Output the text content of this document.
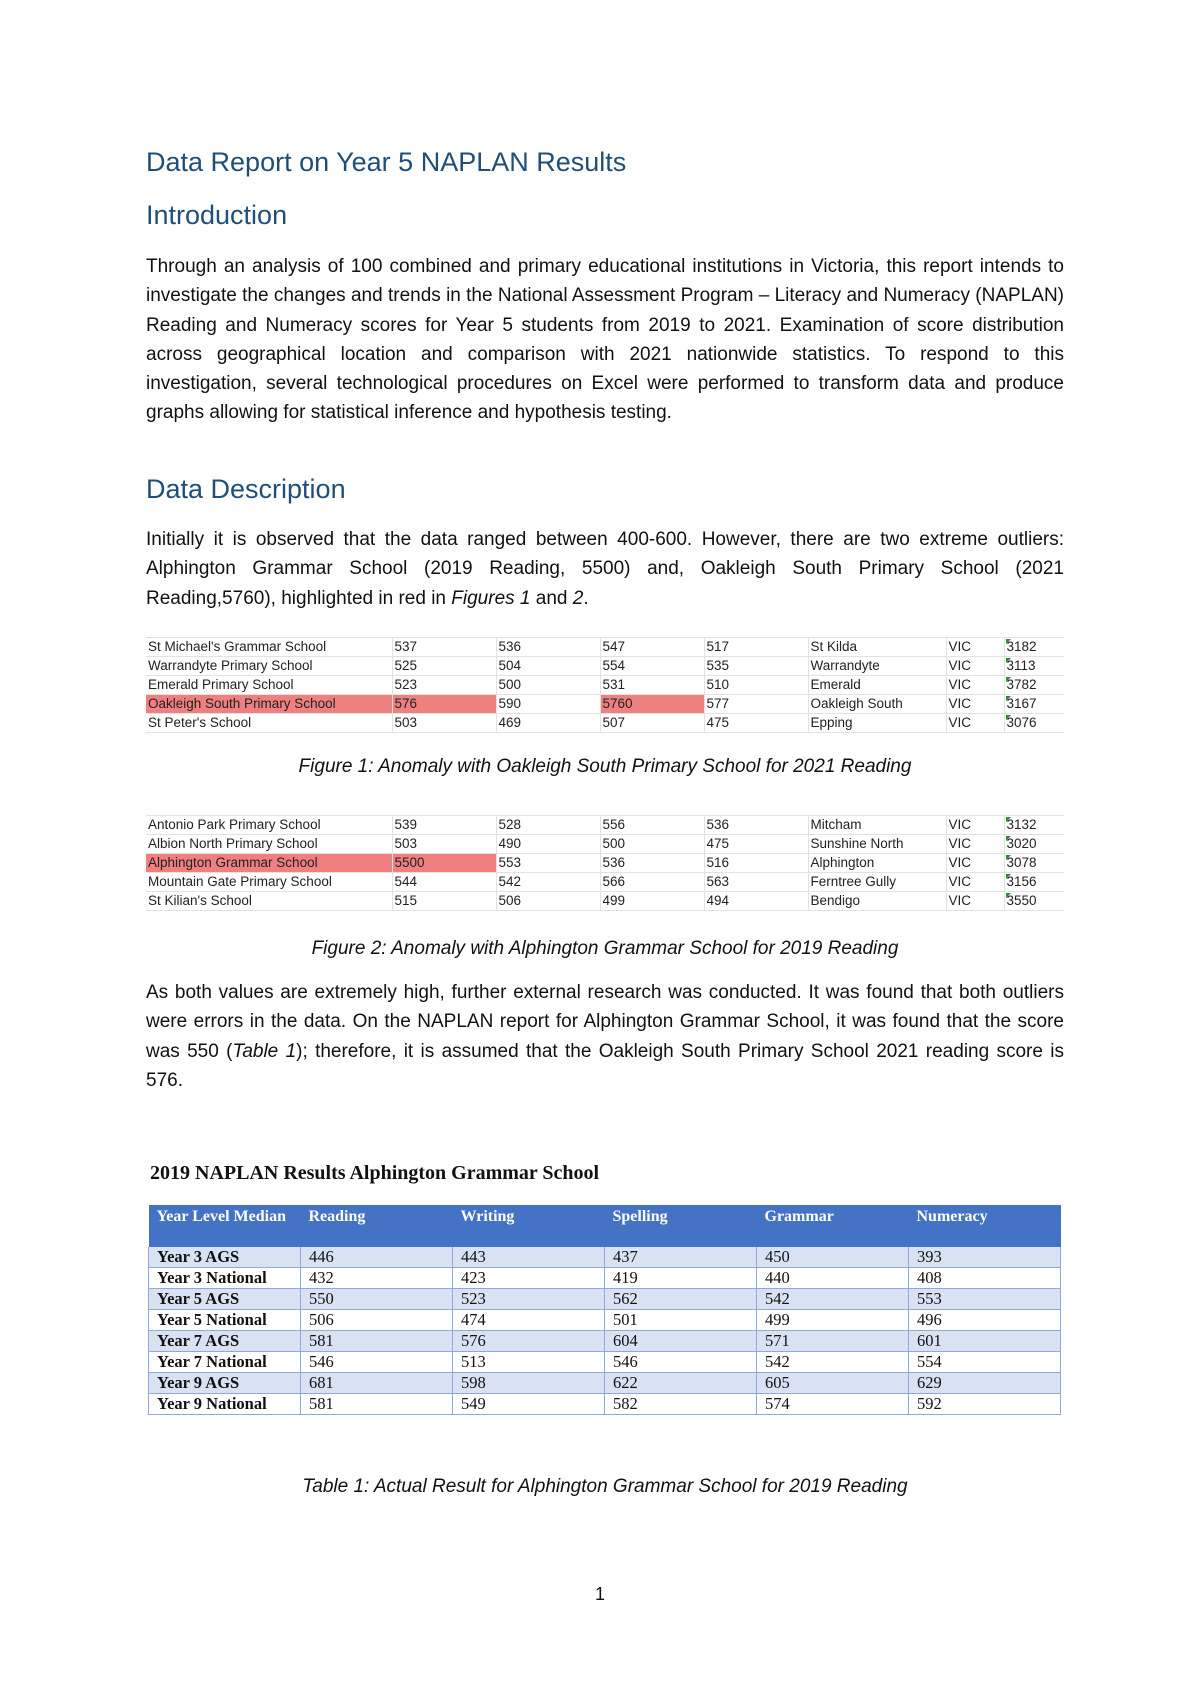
Data Report on Year 5 NAPLAN Results
Introduction

Through an analysis of 100 combined and primary educational institutions in Victoria, this report intends to investigate the changes and trends in the National Assessment Program – Literacy and Numeracy (NAPLAN) Reading and Numeracy scores for Year 5 students from 2019 to 2021. Examination of score distribution across geographical location and comparison with 2021 nationwide statistics. To respond to this investigation, several technological procedures on Excel were performed to transform data and produce graphs allowing for statistical inference and hypothesis testing.

Data Description

Initially it is observed that the data ranged between 400-600. However, there are two extreme outliers: Alphington Grammar School (2019 Reading, 5500) and, Oakleigh South Primary School (2021 Reading,5760), highlighted in red in Figures 1 and 2.

St Michael's Grammar School	537	536	547	517	St Kilda	VIC	3182
Warrandyte Primary School	525	504	554	535	Warrandyte	VIC	3113
Emerald Primary School	523	500	531	510	Emerald	VIC	3782
Oakleigh South Primary School	576	590	5760	577	Oakleigh South	VIC	3167
St Peter's School	503	469	507	475	Epping	VIC	3076

Figure 1: Anomaly with Oakleigh South Primary School for 2021 Reading

Antonio Park Primary School	539	528	556	536	Mitcham	VIC	3132
Albion North Primary School	503	490	500	475	Sunshine North	VIC	3020
Alphington Grammar School	5500	553	536	516	Alphington	VIC	3078
Mountain Gate Primary School	544	542	566	563	Ferntree Gully	VIC	3156
St Kilian's School	515	506	499	494	Bendigo	VIC	3550

Figure 2: Anomaly with Alphington Grammar School for 2019 Reading

As both values are extremely high, further external research was conducted. It was found that both outliers were errors in the data. On the NAPLAN report for Alphington Grammar School, it was found that the score was 550 (Table 1); therefore, it is assumed that the Oakleigh South Primary School 2021 reading score is 576.

2019 NAPLAN Results Alphington Grammar School

Year Level Median	Reading	Writing	Spelling	Grammar	Numeracy
Year 3 AGS	446	443	437	450	393
Year 3 National	432	423	419	440	408
Year 5 AGS	550	523	562	542	553
Year 5 National	506	474	501	499	496
Year 7 AGS	581	576	604	571	601
Year 7 National	546	513	546	542	554
Year 9 AGS	681	598	622	605	629
Year 9 National	581	549	582	574	592

Table 1: Actual Result for Alphington Grammar School for 2019 Reading

1
